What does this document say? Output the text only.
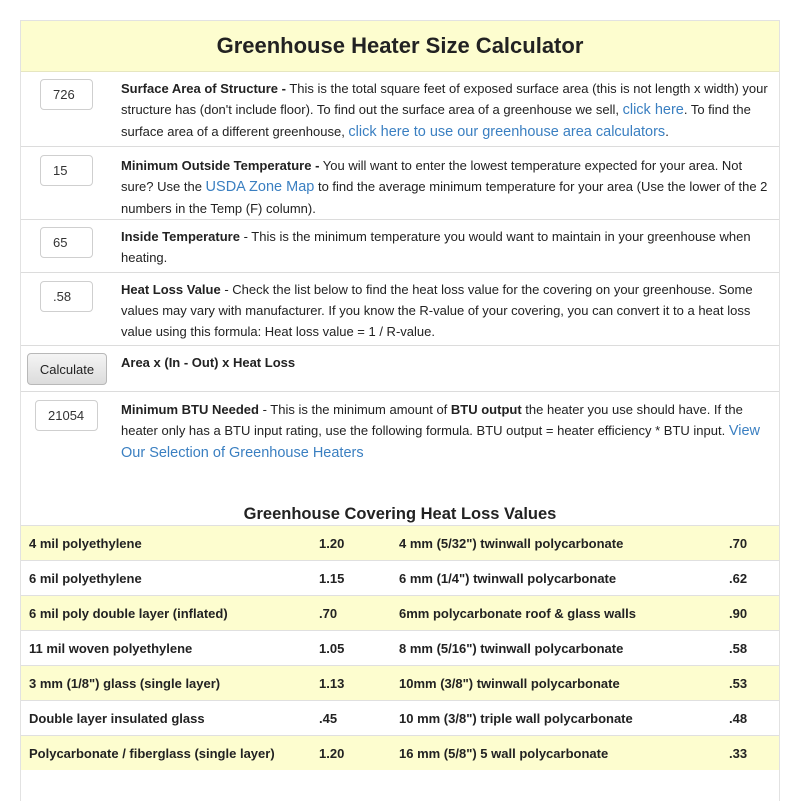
Greenhouse Heater Size Calculator
726
Surface Area of Structure - This is the total square feet of exposed surface area (this is not length x width) your structure has (don't include floor). To find out the surface area of a greenhouse we sell, click here. To find the surface area of a different greenhouse, click here to use our greenhouse area calculators.
15
Minimum Outside Temperature - You will want to enter the lowest temperature expected for your area. Not sure? Use the USDA Zone Map to find the average minimum temperature for your area (Use the lower of the 2 numbers in the Temp (F) column).
65
Inside Temperature - This is the minimum temperature you would want to maintain in your greenhouse when heating.
.58
Heat Loss Value - Check the list below to find the heat loss value for the covering on your greenhouse. Some values may vary with manufacturer. If you know the R-value of your covering, you can convert it to a heat loss value using this formula: Heat loss value = 1 / R-value.
Calculate	Area x (In - Out) x Heat Loss
21054
Minimum BTU Needed - This is the minimum amount of BTU output the heater you use should have. If the heater only has a BTU input rating, use the following formula. BTU output = heater efficiency * BTU input. View Our Selection of Greenhouse Heaters
Greenhouse Covering Heat Loss Values
4 mil polyethylene	1.20	4 mm (5/32") twinwall polycarbonate	.70
6 mil polyethylene	1.15	6 mm (1/4") twinwall polycarbonate	.62
6 mil poly double layer (inflated)	.70	6mm polycarbonate roof & glass walls	.90
11 mil woven polyethylene	1.05	8 mm (5/16") twinwall polycarbonate	.58
3 mm (1/8") glass (single layer)	1.13	10mm (3/8") twinwall polycarbonate	.53
Double layer insulated glass	.45	10 mm (3/8") triple wall polycarbonate	.48
Polycarbonate / fiberglass (single layer)	1.20	16 mm (5/8") 5 wall polycarbonate	.33
